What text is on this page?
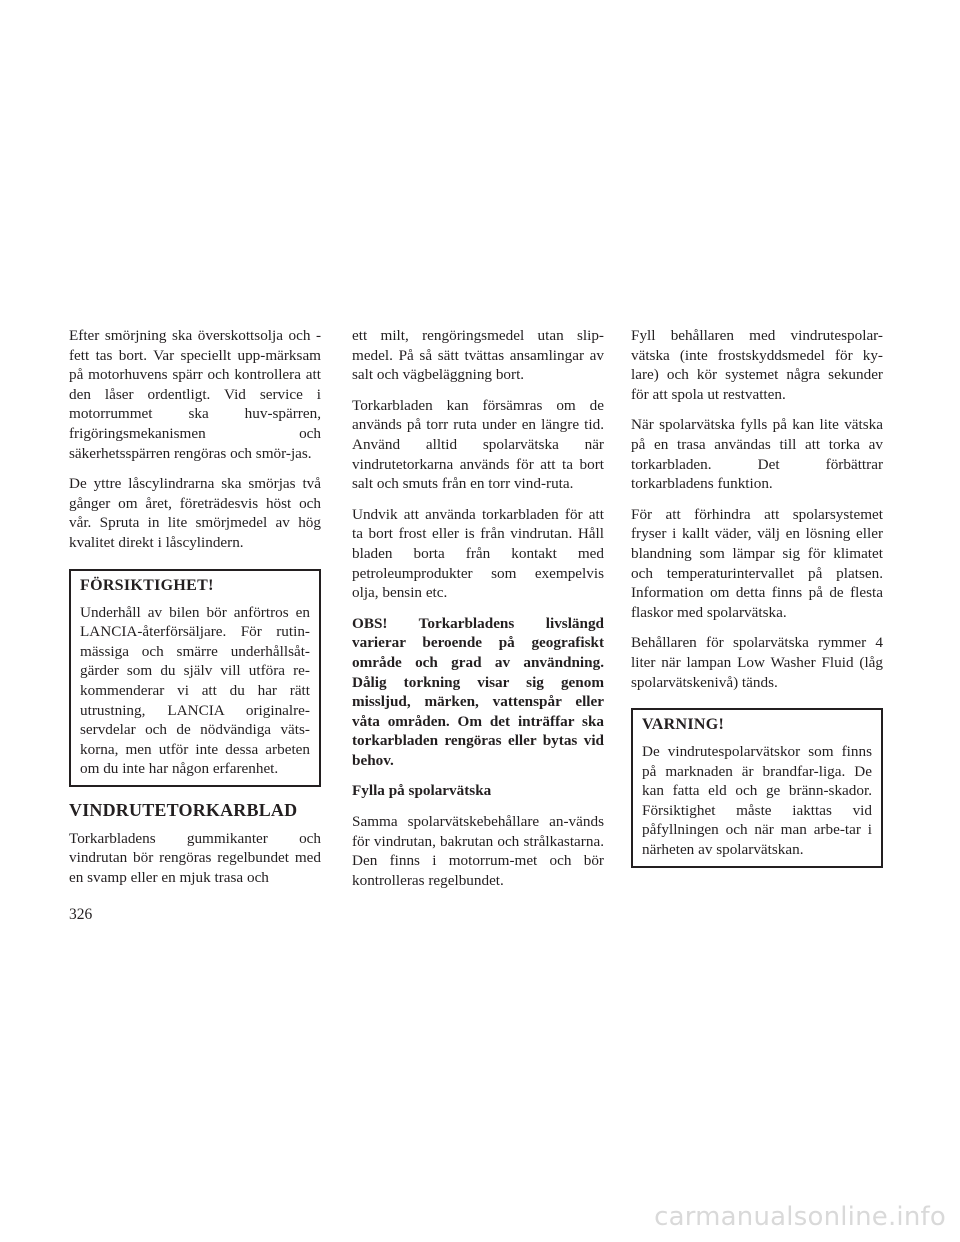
Efter smörjning ska överskottsolja och -fett tas bort. Var speciellt upp-märksam på motorhuvens spärr och kontrollera att den låser ordentligt. Vid service i motorrummet ska huv-spärren, frigöringsmekanismen och säkerhetsspärren rengöras och smör-jas.

De yttre låscylindrarna ska smörjas två gånger om året, företrädesvis höst och vår. Spruta in lite smörjmedel av hög kvalitet direkt i låscylindern.

FÖRSIKTIGHET!

Underhåll av bilen bör anförtros en LANCIA-återförsäljare. För rutin-mässiga och smärre underhållsåt-gärder som du själv vill utföra re-kommenderar vi att du har rätt utrustning, LANCIA originalre-servdelar och de nödvändiga väts-korna, men utför inte dessa arbeten om du inte har någon erfarenhet.

VINDRUTETORKARBLAD

Torkarbladens gummikanter och vindrutan bör rengöras regelbundet med en svamp eller en mjuk trasa och

ett milt, rengöringsmedel utan slip-medel. På så sätt tvättas ansamlingar av salt och vägbeläggning bort.

Torkarbladen kan försämras om de används på torr ruta under en längre tid. Använd alltid spolarvätska när vindrutetorkarna används för att ta bort salt och smuts från en torr vind-ruta.

Undvik att använda torkarbladen för att ta bort frost eller is från vindrutan. Håll bladen borta från kontakt med petroleumprodukter som exempelvis olja, bensin etc.

OBS! Torkarbladens livslängd varierar beroende på geografiskt område och grad av användning. Dålig torkning visar sig genom missljud, märken, vattenspår eller våta områden. Om det inträffar ska torkarbladen rengöras eller bytas vid behov.

Fylla på spolarvätska

Samma spolarvätskebehållare an-vänds för vindrutan, bakrutan och strålkastarna. Den finns i motorrum-met och bör kontrolleras regelbundet.

Fyll behållaren med vindrutespolar-vätska (inte frostskyddsmedel för ky-lare) och kör systemet några sekunder för att spola ut restvatten.

När spolarvätska fylls på kan lite vätska på en trasa användas till att torka av torkarbladen. Det förbättrar torkarbladens funktion.

För att förhindra att spolarsystemet fryser i kallt väder, välj en lösning eller blandning som lämpar sig för klimatet och temperaturintervallet på platsen. Information om detta finns på de flesta flaskor med spolarvätska.

Behållaren för spolarvätska rymmer 4 liter när lampan Low Washer Fluid (låg spolarvätskenivå) tänds.

VARNING!

De vindrutespolarvätskor som finns på marknaden är brandfar-liga. De kan fatta eld och ge bränn-skador. Försiktighet måste iakttas vid påfyllningen och när man arbe-tar i närheten av spolarvätskan.

326
carmanualsonline.info
